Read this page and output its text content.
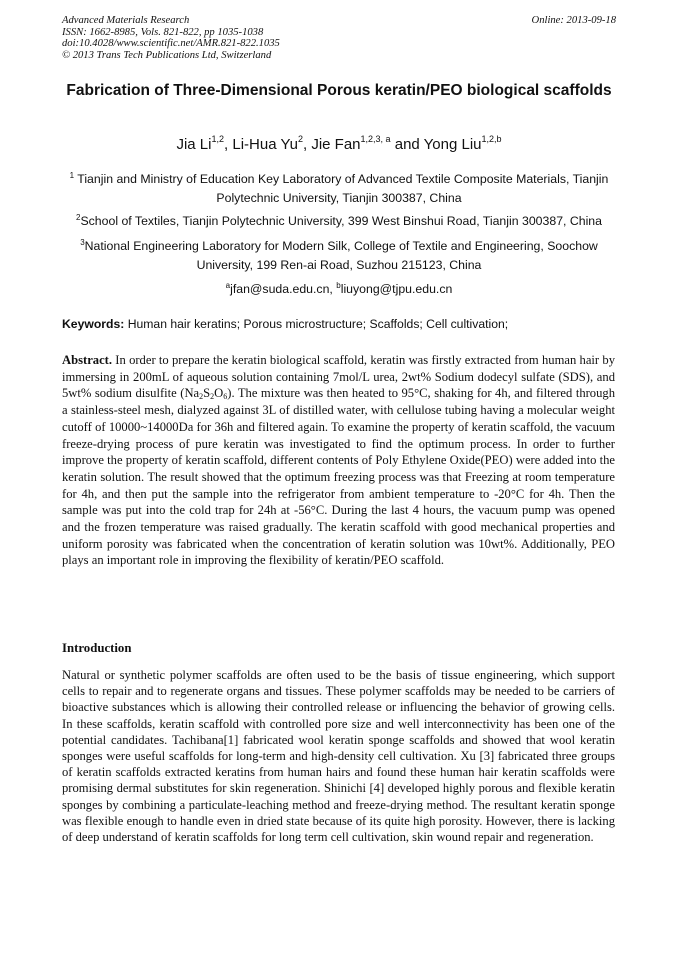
Advanced Materials Research
ISSN: 1662-8985, Vols. 821-822, pp 1035-1038
doi:10.4028/www.scientific.net/AMR.821-822.1035
© 2013 Trans Tech Publications Ltd, Switzerland
Online: 2013-09-18
Fabrication of Three-Dimensional Porous keratin/PEO biological scaffolds
Jia Li$^{1,2}$, Li-Hua Yu$^2$, Jie Fan$^{1,2,3, a}$ and Yong Liu$^{1,2,b}$
$^1$ Tianjin and Ministry of Education Key Laboratory of Advanced Textile Composite Materials, Tianjin Polytechnic University, Tianjin 300387, China
$^2$School of Textiles, Tianjin Polytechnic University, 399 West Binshui Road, Tianjin 300387, China
$^3$National Engineering Laboratory for Modern Silk, College of Textile and Engineering, Soochow University, 199 Ren-ai Road, Suzhou 215123, China
$^a$jfan@suda.edu.cn, $^b$liuyong@tjpu.edu.cn
Keywords: Human hair keratins; Porous microstructure; Scaffolds; Cell cultivation;
Abstract. In order to prepare the keratin biological scaffold, keratin was firstly extracted from human hair by immersing in 200mL of aqueous solution containing 7mol/L urea, 2wt% Sodium dodecyl sulfate (SDS), and 5wt% sodium disulfite $(Na_2S_2O_6)$. The mixture was then heated to 95°C, shaking for 4h, and filtered through a stainless-steel mesh, dialyzed against 3L of distilled water, with cellulose tubing having a molecular weight cutoff of 10000~14000Da for 36h and filtered again. To examine the property of keratin scaffold, the vacuum freeze-drying process of pure keratin was investigated to find the optimum process. In order to further improve the property of keratin scaffold, different contents of Poly Ethylene Oxide(PEO) were added into the keratin solution. The result showed that the optimum freezing process was that Freezing at room temperature for 4h, and then put the sample into the refrigerator from ambient temperature to -20°C for 4h. Then the sample was put into the cold trap for 24h at -56°C. During the last 4 hours, the vacuum pump was opened and the frozen temperature was raised gradually. The keratin scaffold with good mechanical properties and uniform porosity was fabricated when the concentration of keratin solution was 10wt%. Additionally, PEO plays an important role in improving the flexibility of keratin/PEO scaffold.
Introduction
Natural or synthetic polymer scaffolds are often used to be the basis of tissue engineering, which support cells to repair and to regenerate organs and tissues. These polymer scaffolds may be needed to be carriers of bioactive substances which is allowing their controlled release or influencing the behavior of growing cells. In these scaffolds, keratin scaffold with controlled pore size and well interconnectivity has been one of the potential candidates. Tachibana[1] fabricated wool keratin sponge scaffolds and showed that wool keratin sponges were useful scaffolds for long-term and high-density cell cultivation. Xu [3] fabricated three groups of keratin scaffolds extracted keratins from human hairs and found these human hair keratin scaffolds were promising dermal substitutes for skin regeneration. Shinichi [4] developed highly porous and flexible keratin sponges by combining a particulate-leaching method and freeze-drying method. The resultant keratin sponge was flexible enough to handle even in dried state because of its quite high porosity. However, there is lacking of deep understand of keratin scaffolds for long term cell cultivation, skin wound repair and regeneration.
